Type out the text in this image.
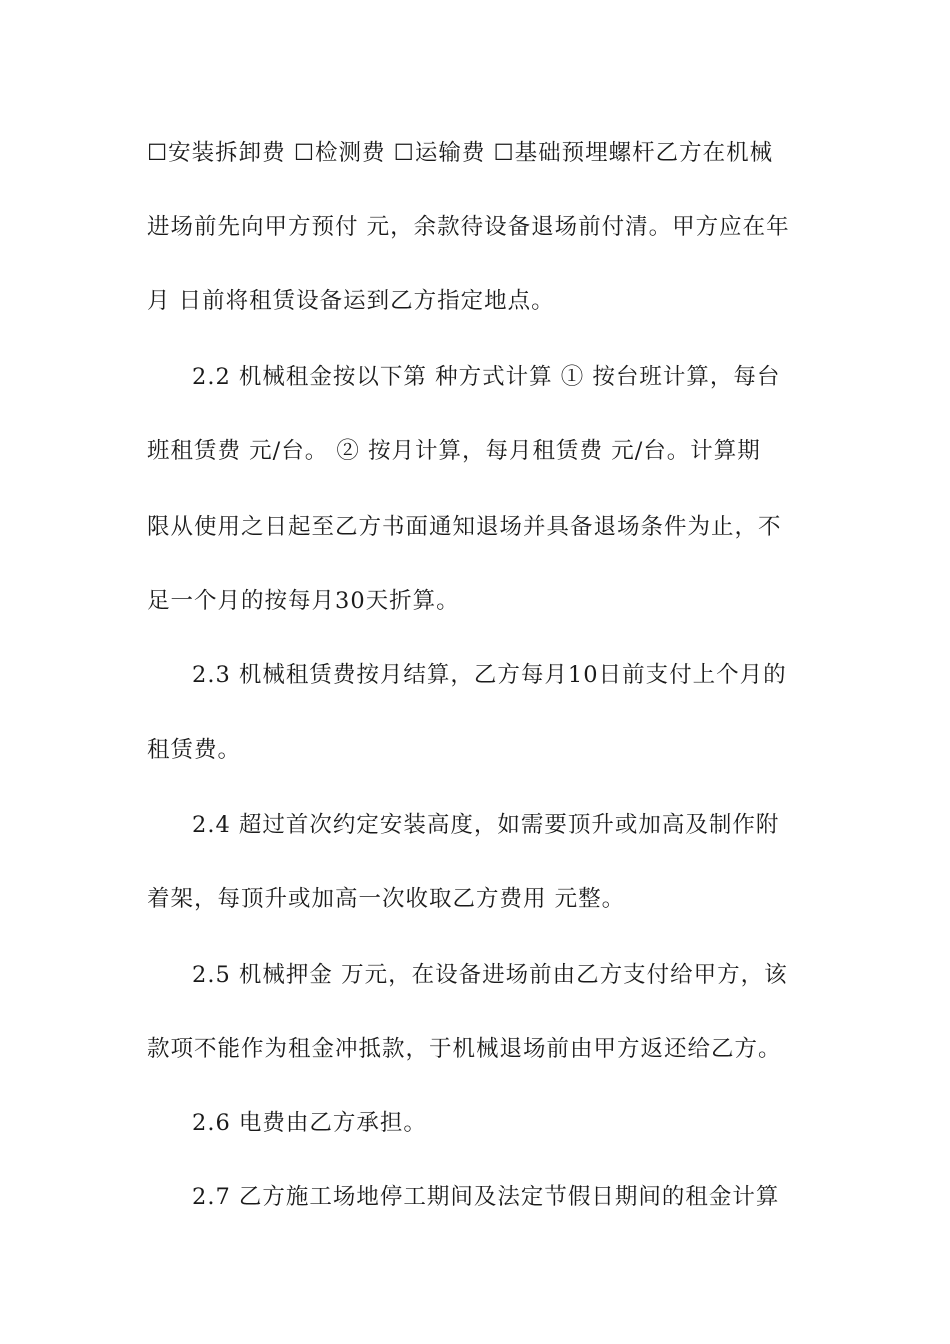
☐安装拆卸费 ☐检测费 ☐运输费 ☐基础预埋螺杆乙方在机械
进场前先向甲方预付 元，余款待设备退场前付清。甲方应在年
月 日前将租赁设备运到乙方指定地点。
2.2 机械租金按以下第 种方式计算 ① 按台班计算，每台
班租赁费 元/台。 ② 按月计算，每月租赁费 元/台。计算期
限从使用之日起至乙方书面通知退场并具备退场条件为止，不
足一个月的按每月30天折算。
2.3 机械租赁费按月结算，乙方每月10日前支付上个月的
租赁费。
2.4 超过首次约定安装高度，如需要顶升或加高及制作附
着架，每顶升或加高一次收取乙方费用 元整。
2.5 机械押金 万元，在设备进场前由乙方支付给甲方，该
款项不能作为租金冲抵款，于机械退场前由甲方返还给乙方。
2.6 电费由乙方承担。
2.7 乙方施工场地停工期间及法定节假日期间的租金计算
